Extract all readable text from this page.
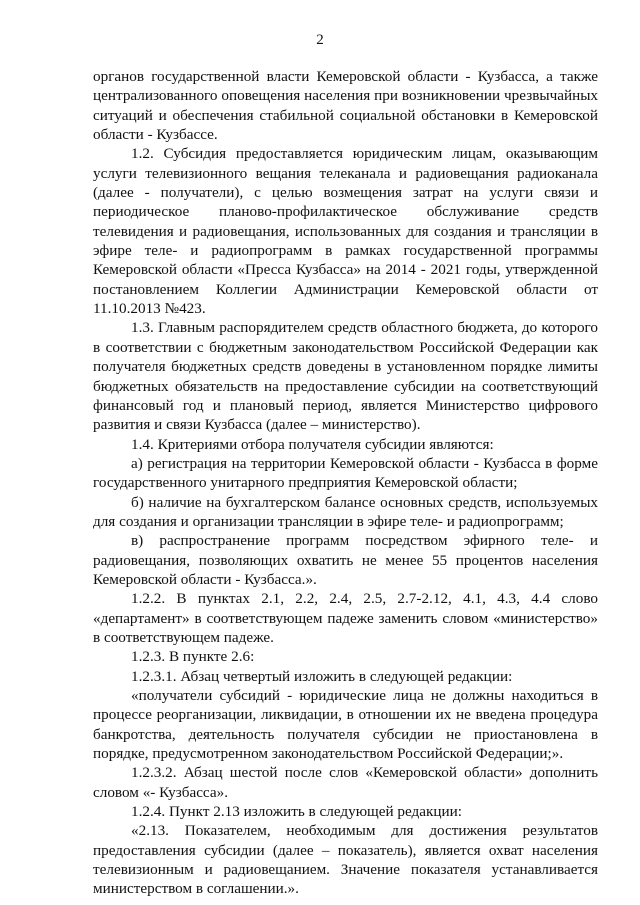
2

органов государственной власти Кемеровской области - Кузбасса, а также централизованного оповещения населения при возникновении чрезвычайных ситуаций и обеспечения стабильной социальной обстановки в Кемеровской области - Кузбассе.

1.2. Субсидия предоставляется юридическим лицам, оказывающим услуги телевизионного вещания телеканала и радиовещания радиоканала (далее - получатели), с целью возмещения затрат на услуги связи и периодическое планово-профилактическое обслуживание средств телевидения и радиовещания, использованных для создания и трансляции в эфире теле- и радиопрограмм в рамках государственной программы Кемеровской области «Пресса Кузбасса» на 2014 - 2021 годы, утвержденной постановлением Коллегии Администрации Кемеровской области от 11.10.2013 №423.

1.3. Главным распорядителем средств областного бюджета, до которого в соответствии с бюджетным законодательством Российской Федерации как получателя бюджетных средств доведены в установленном порядке лимиты бюджетных обязательств на предоставление субсидии на соответствующий финансовый год и плановый период, является Министерство цифрового развития и связи Кузбасса (далее – министерство).

1.4. Критериями отбора получателя субсидии являются:

а) регистрация на территории Кемеровской области - Кузбасса в форме государственного унитарного предприятия Кемеровской области;

б) наличие на бухгалтерском балансе основных средств, используемых для создания и организации трансляции в эфире теле- и радиопрограмм;

в) распространение программ посредством эфирного теле- и радиовещания, позволяющих охватить не менее 55 процентов населения Кемеровской области - Кузбасса.».

1.2.2. В пунктах 2.1, 2.2, 2.4, 2.5, 2.7-2.12, 4.1, 4.3, 4.4 слово «департамент» в соответствующем падеже заменить словом «министерство» в соответствующем падеже.

1.2.3. В пункте 2.6:

1.2.3.1. Абзац четвертый изложить в следующей редакции:

«получатели субсидий - юридические лица не должны находиться в процессе реорганизации, ликвидации, в отношении их не введена процедура банкротства, деятельность получателя субсидии не приостановлена в порядке, предусмотренном законодательством Российской Федерации;».

1.2.3.2. Абзац шестой после слов «Кемеровской области» дополнить словом «- Кузбасса».

1.2.4. Пункт 2.13 изложить в следующей редакции:

«2.13. Показателем, необходимым для достижения результатов предоставления субсидии (далее – показатель), является охват населения телевизионным и радиовещанием. Значение показателя устанавливается министерством в соглашении.».
